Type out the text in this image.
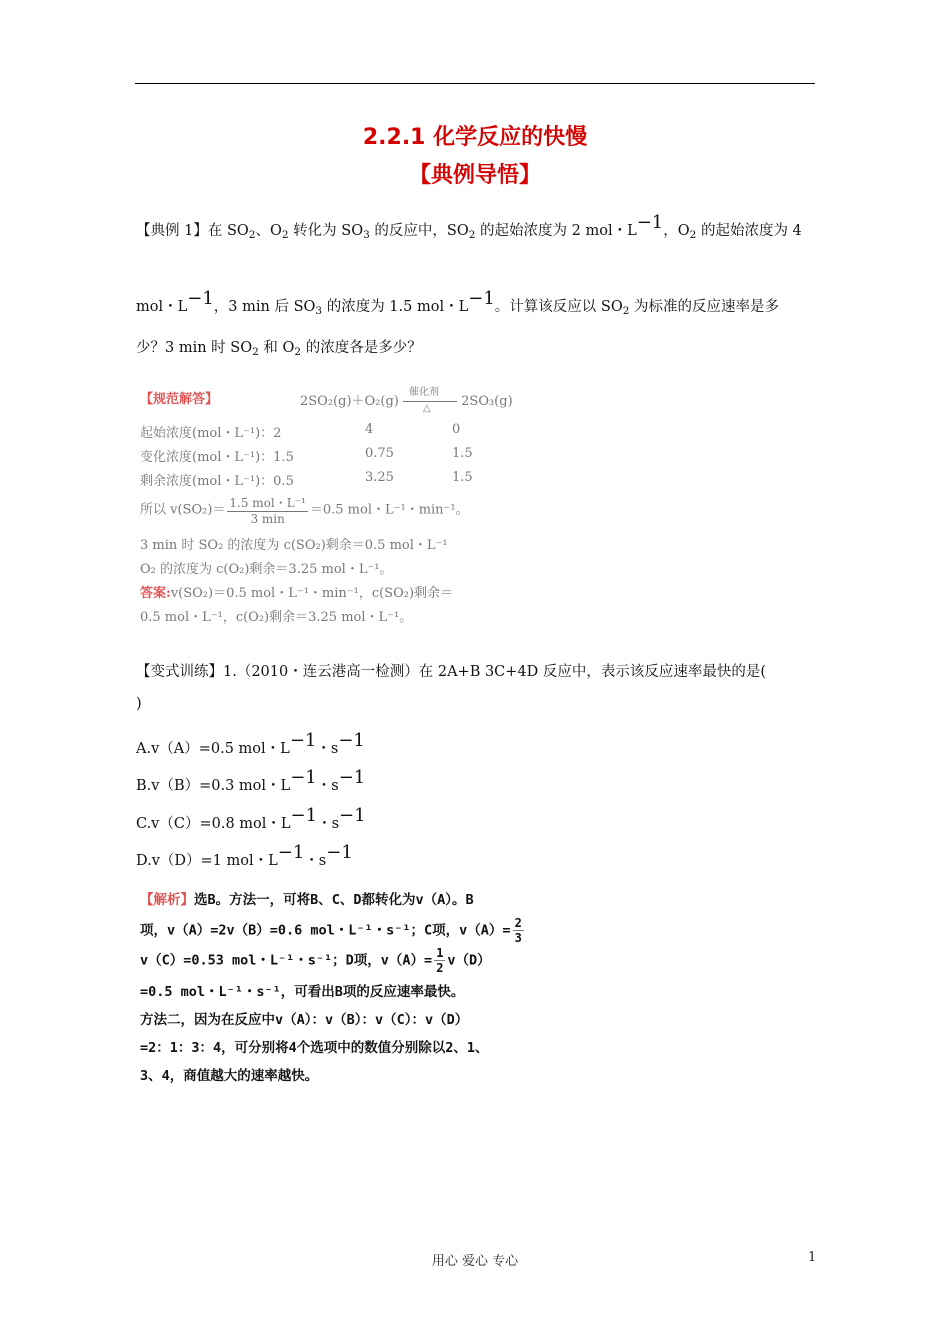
2.2.1 化学反应的快慢
【典例导悟】
【典例 1】在 $SO_2$、$O_2$ 转化为 $SO_3$ 的反应中，$SO_2$ 的起始浓度为 2 mol・$L^{-1}$，$O_2$ 的起始浓度为 4
mol・$L^{-1}$，3 min 后 $SO_3$ 的浓度为 1.5 mol・$L^{-1}$。计算该反应以 $SO_2$ 为标准的反应速率是多
少？3 min 时 $SO_2$ 和 $O_2$ 的浓度各是多少？
【规范解答】	2SO₂(g)＋O₂(g)
催化剂
△ 2SO₃(g)
起始浓度(mol・L⁻¹)：2	4	0
变化浓度(mol・L⁻¹)：1.5	0.75	1.5
剩余浓度(mol・L⁻¹)：0.5	3.25	1.5
所以 $v(SO_2)= \frac{\text{1.5 mol・L⁻¹}}{3 \min} =0.5$ mol・L⁻¹・min⁻¹。
3 min 时 SO₂ 的浓度为 c(SO₂)剩余＝0.5 mol・L⁻¹
O₂ 的浓度为 c(O₂)剩余＝3.25 mol・L⁻¹。
答案:v(SO₂)＝0.5 mol・L⁻¹・min⁻¹，c(SO₂)剩余＝
0.5 mol・L⁻¹，c(O₂)剩余＝3.25 mol・L⁻¹。
【变式训练】1.（2010・连云港高一检测）在 2A+B 3C+4D 反应中，表示该反应速率最快的是(
)
A.v（A）=0.5 mol・$L^{-1}$・$s^{-1}$
B.v（B）=0.3 mol・$L^{-1}$・$s^{-1}$
C.v（C）=0.8 mol・$L^{-1}$・$s^{-1}$
D.v（D）=1 mol・$L^{-1}$・$s^{-1}$
【解析】选B。方法一，可将B、C、D都转化为v（A）。B
项，v（A）=2v（B）=0.6 mol・L⁻¹・s⁻¹；C项，$v(A)= \frac{2}{3}$
v（C）=0.53 mol・L⁻¹・s⁻¹；D项，$v(A)= \frac{1}{2} v(D)$
=0.5 mol・L⁻¹・s⁻¹，可看出B项的反应速率最快。
方法二，因为在反应中v（A）：v（B）：v（C）：v（D）
=2：1：3：4，可分别将4个选项中的数值分别除以2、1、
3、4，商值越大的速率越快。
用心 爱心 专心	1
